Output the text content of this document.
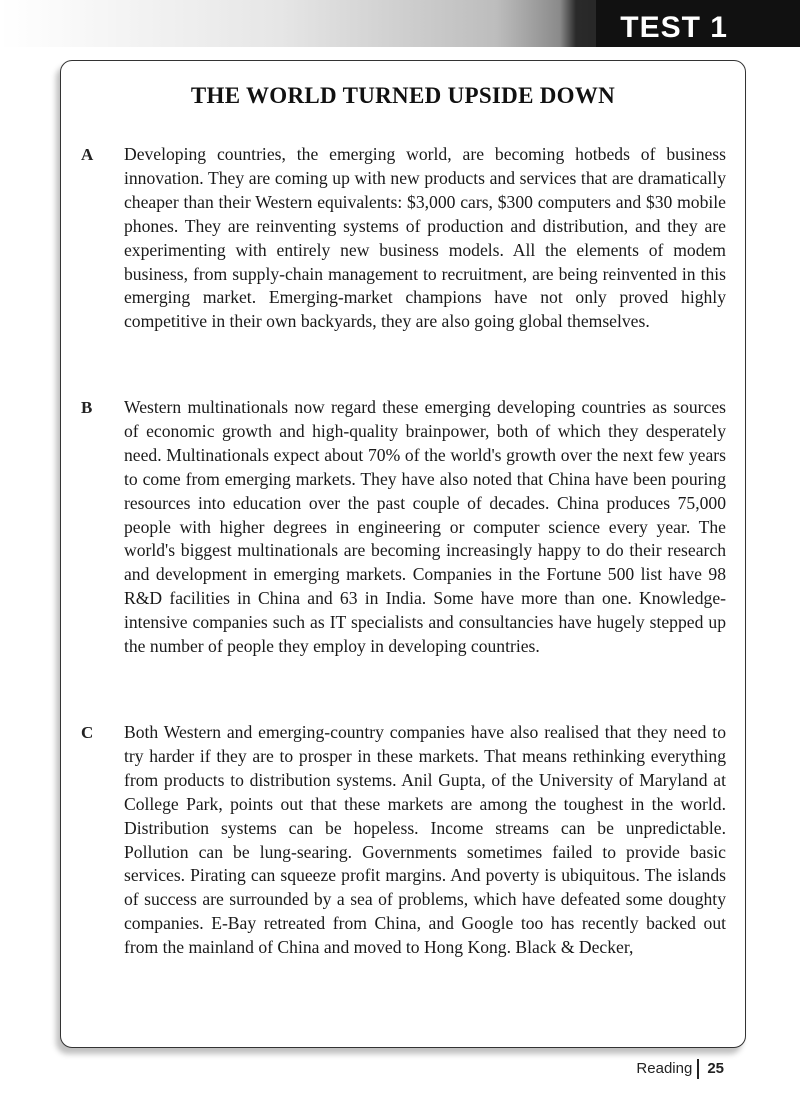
TEST 1
THE WORLD TURNED UPSIDE DOWN
A Developing countries, the emerging world, are becoming hotbeds of business innovation. They are coming up with new products and services that are dramatically cheaper than their Western equivalents: $3,000 cars, $300 computers and $30 mobile phones. They are reinventing systems of production and distribution, and they are experimenting with entirely new business models. All the elements of modem business, from supply-chain management to recruitment, are being reinvented in this emerging market. Emerging-market champions have not only proved highly competitive in their own backyards, they are also going global themselves.
B Western multinationals now regard these emerging developing countries as sources of economic growth and high-quality brainpower, both of which they desperately need. Multinationals expect about 70% of the world's growth over the next few years to come from emerging markets. They have also noted that China have been pouring resources into education over the past couple of decades. China produces 75,000 people with higher degrees in engineering or computer science every year. The world's biggest multinationals are becoming increasingly happy to do their research and development in emerging markets. Companies in the Fortune 500 list have 98 R&D facilities in China and 63 in India. Some have more than one. Knowledge-intensive companies such as IT specialists and consultancies have hugely stepped up the number of people they employ in developing countries.
C Both Western and emerging-country companies have also realised that they need to try harder if they are to prosper in these markets. That means rethinking everything from products to distribution systems. Anil Gupta, of the University of Maryland at College Park, points out that these markets are among the toughest in the world. Distribution systems can be hopeless. Income streams can be unpredictable. Pollution can be lung-searing. Governments sometimes failed to provide basic services. Pirating can squeeze profit margins. And poverty is ubiquitous. The islands of success are surrounded by a sea of problems, which have defeated some doughty companies. E-Bay retreated from China, and Google too has recently backed out from the mainland of China and moved to Hong Kong. Black & Decker,
Reading 25
